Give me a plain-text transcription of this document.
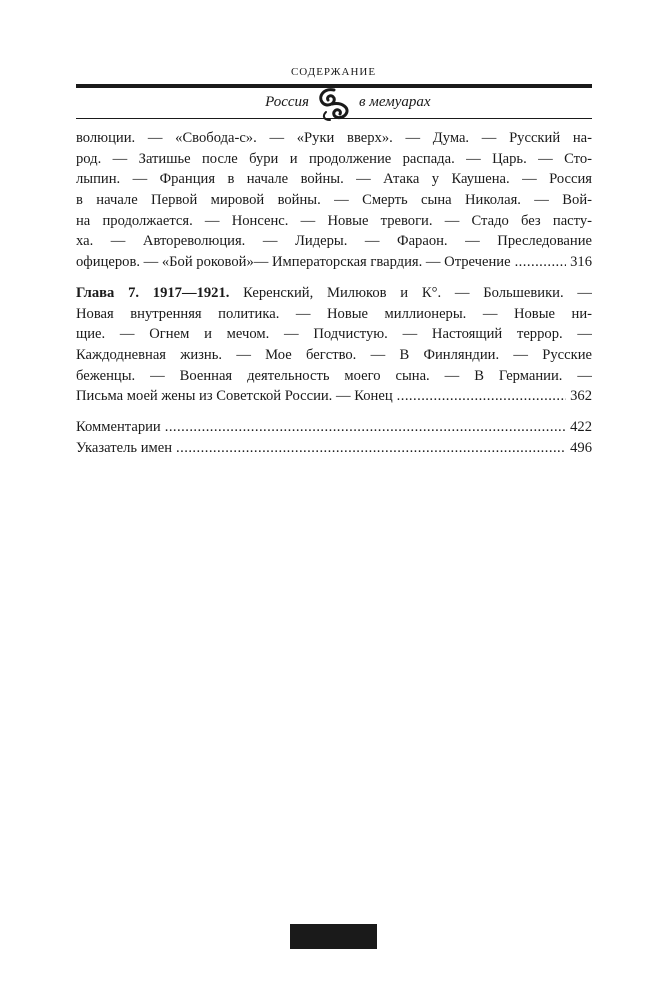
СОДЕРЖАНИЕ
Россия	в мемуарах
волюции. — «Свобода-с». — «Руки вверх». — Дума. — Русский на-
род. — Затишье после бури и продолжение распада. — Царь. — Сто-
лыпин. — Франция в начале войны. — Атака у Каушена. — Россия
в начале Первой мировой войны. — Смерть сына Николая. — Вой-
на продолжается. — Нонсенс. — Новые тревоги. — Стадо без пасту-
ха. — Авторeволюция. — Лидеры. — Фараон. — Преследование
офицеров. — «Бой роковой»— Императорская гвардия. — Отречение . . .	316
Глава 7. 1917—1921. Керенский, Милюков и К°. — Большевики. —
Новая внутренняя политика. — Новые миллионеры. — Новые ни-
щие. — Огнем и мечом. — Подчистую. — Настоящий террор. —
Каждодневная жизнь. — Мое бегство. — В Финляндии. — Русские
беженцы. — Военная деятельность моего сына. — В Германии. —
Письма моей жены из Советской России. — Конец . . .	362
Комментарии . . .	422
Указатель имен . . .	496
